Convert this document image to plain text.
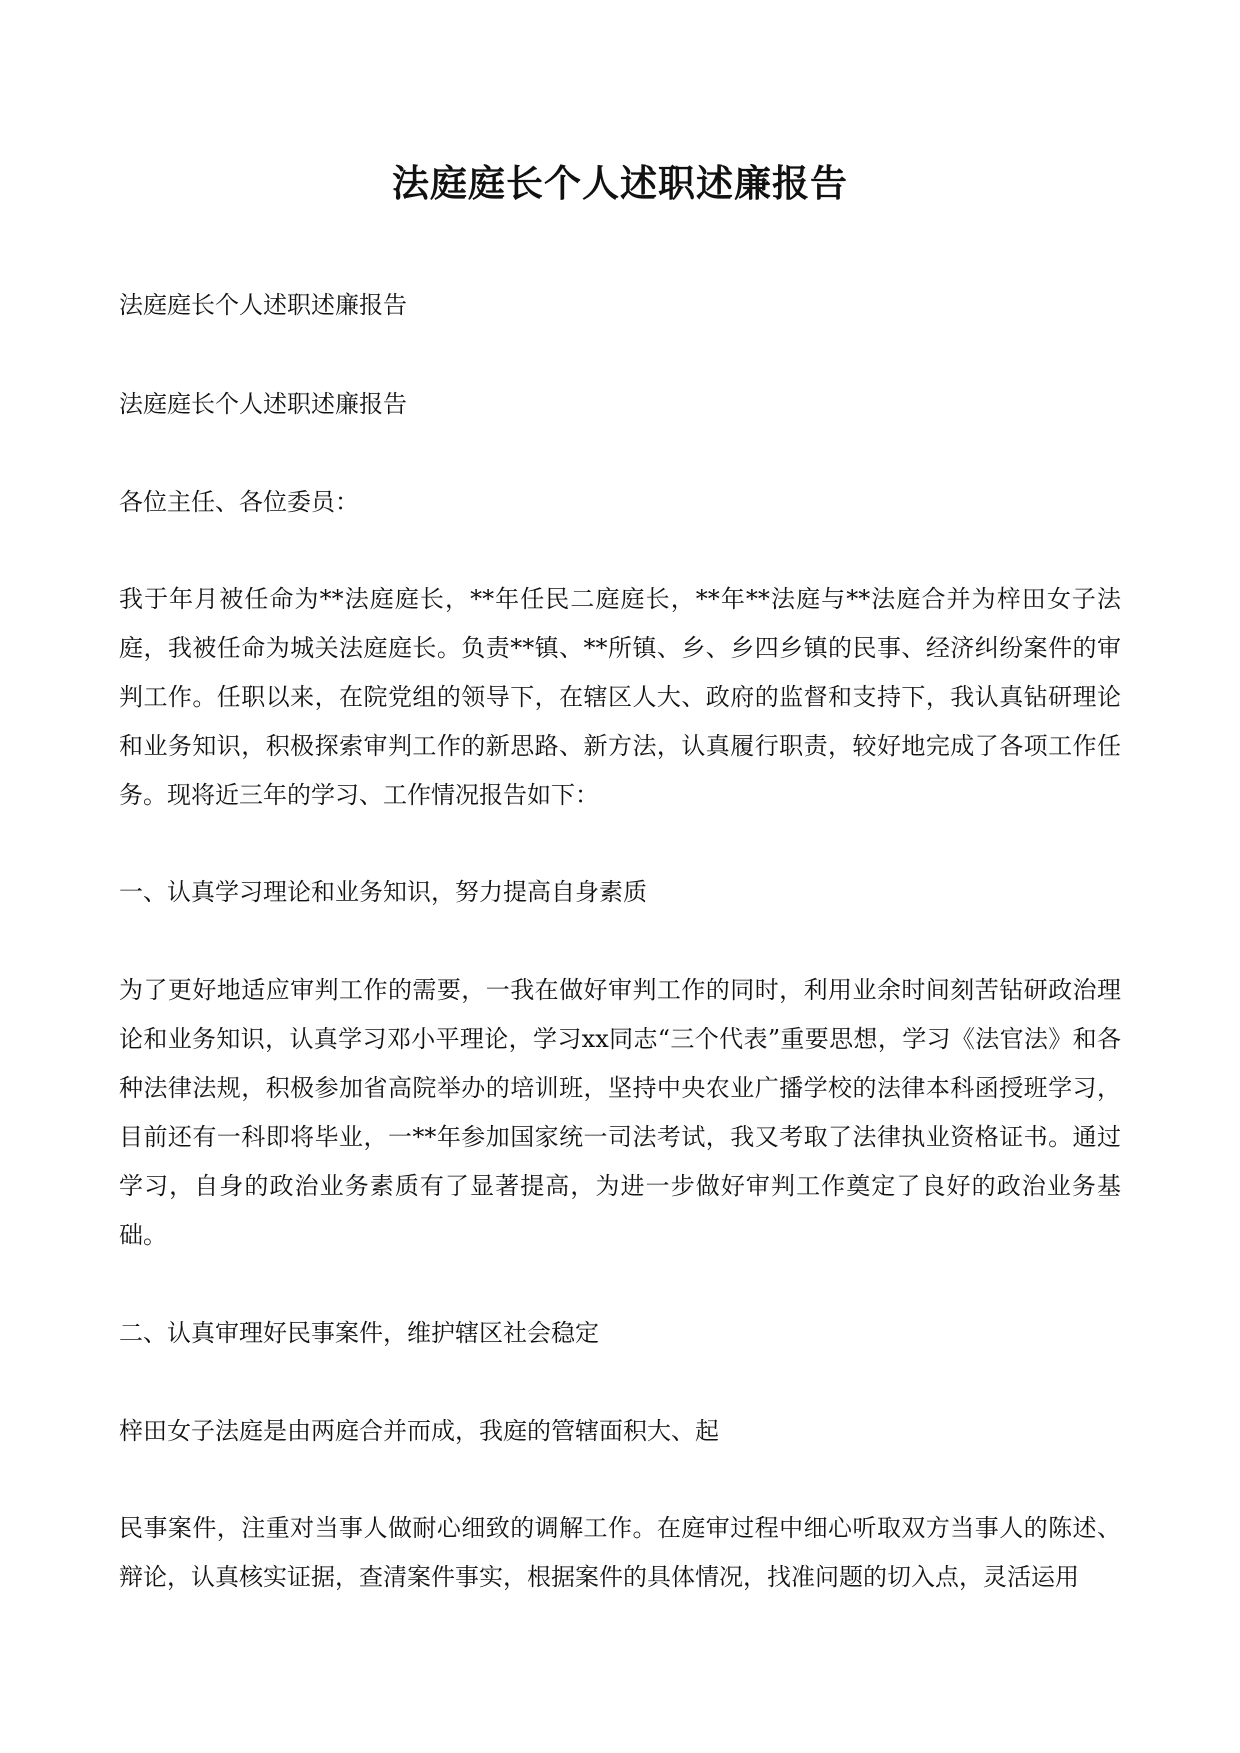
法庭庭长个人述职述廉报告

法庭庭长个人述职述廉报告

法庭庭长个人述职述廉报告

各位主任、各位委员：

我于年月被任命为**法庭庭长，**年任民二庭庭长，**年**法庭与**法庭合并为梓田女子法庭，我被任命为城关法庭庭长。负责**镇、**所镇、乡、乡四乡镇的民事、经济纠纷案件的审判工作。任职以来，在院党组的领导下，在辖区人大、政府的监督和支持下，我认真钻研理论和业务知识，积极探索审判工作的新思路、新方法，认真履行职责，较好地完成了各项工作任务。现将近三年的学习、工作情况报告如下：

一、认真学习理论和业务知识，努力提高自身素质

为了更好地适应审判工作的需要，一我在做好审判工作的同时，利用业余时间刻苦钻研政治理论和业务知识，认真学习邓小平理论，学习xx同志“三个代表”重要思想，学习《法官法》和各种法律法规，积极参加省高院举办的培训班，坚持中央农业广播学校的法律本科函授班学习，目前还有一科即将毕业，一**年参加国家统一司法考试，我又考取了法律执业资格证书。通过学习，自身的政治业务素质有了显著提高，为进一步做好审判工作奠定了良好的政治业务基础。

二、认真审理好民事案件，维护辖区社会稳定

梓田女子法庭是由两庭合并而成，我庭的管辖面积大、起

民事案件，注重对当事人做耐心细致的调解工作。在庭审过程中细心听取双方当事人的陈述、辩论，认真核实证据，查清案件事实，根据案件的具体情况，找准问题的切入点，灵活运用
